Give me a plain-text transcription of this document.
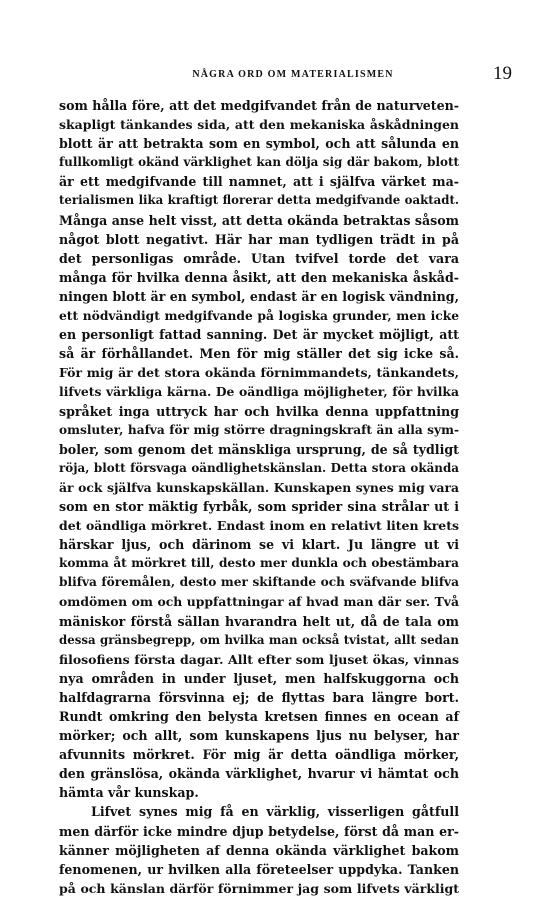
NÅGRA ORD OM MATERIALISMEN	19
som hålla före, att det medgifvandet från de naturveten-
skapligt tänkandes sida, att den mekaniska åskådningen
blott är att betrakta som en symbol, och att sålunda en
fullkomligt okänd värklighet kan dölja sig där bakom, blott
är ett medgifvande till namnet, att i själfva värket ma-
terialismen lika kraftigt florerar detta medgifvande oaktadt.
Många anse helt visst, att detta okända betraktas såsom
något blott negativt. Här har man tydligen trädt in på
det personligas område. Utan tvifvel torde det vara
många för hvilka denna åsikt, att den mekaniska åskåd-
ningen blott är en symbol, endast är en logisk vändning,
ett nödvändigt medgifvande på logiska grunder, men icke
en personligt fattad sanning. Det är mycket möjligt, att
så är förhållandet. Men för mig ställer det sig icke så.
För mig är det stora okända förnimmandets, tänkandets,
lifvets värkliga kärna. De oändliga möjligheter, för hvilka
språket inga uttryck har och hvilka denna uppfattning
omsluter, hafva för mig större dragningskraft än alla sym-
boler, som genom det mänskliga ursprung, de så tydligt
röja, blott försvaga oändlighetskänslan. Detta stora okända
är ock själfva kunskapskällan. Kunskapen synes mig vara
som en stor mäktig fyrbåk, som sprider sina strålar ut i
det oändliga mörkret. Endast inom en relativt liten krets
härskar ljus, och därinom se vi klart. Ju längre ut vi
komma åt mörkret till, desto mer dunkla och obestämbara
blifva föremålen, desto mer skiftande och sväfvande blifva
omdömen om och uppfattningar af hvad man där ser. Två
mäniskor förstå sällan hvarandra helt ut, då de tala om
dessa gränsbegrepp, om hvilka man också tvistat, allt sedan
filosofiens första dagar. Allt efter som ljuset ökas, vinnas
nya områden in under ljuset, men halfskuggorna och
halfdagrarna försvinna ej; de flyttas bara längre bort.
Rundt omkring den belysta kretsen finnes en ocean af
mörker; och allt, som kunskapens ljus nu belyser, har
afvunnits mörkret. För mig är detta oändliga mörker,
den gränslösa, okända värklighet, hvarur vi hämtat och
hämta vår kunskap.
Lifvet synes mig få en värklig, visserligen gåtfull
men därför icke mindre djup betydelse, först då man er-
känner möjligheten af denna okända värklighet bakom
fenomenen, ur hvilken alla företeelser uppdyka. Tanken
på och känslan därför förnimmer jag som lifvets värkligt
